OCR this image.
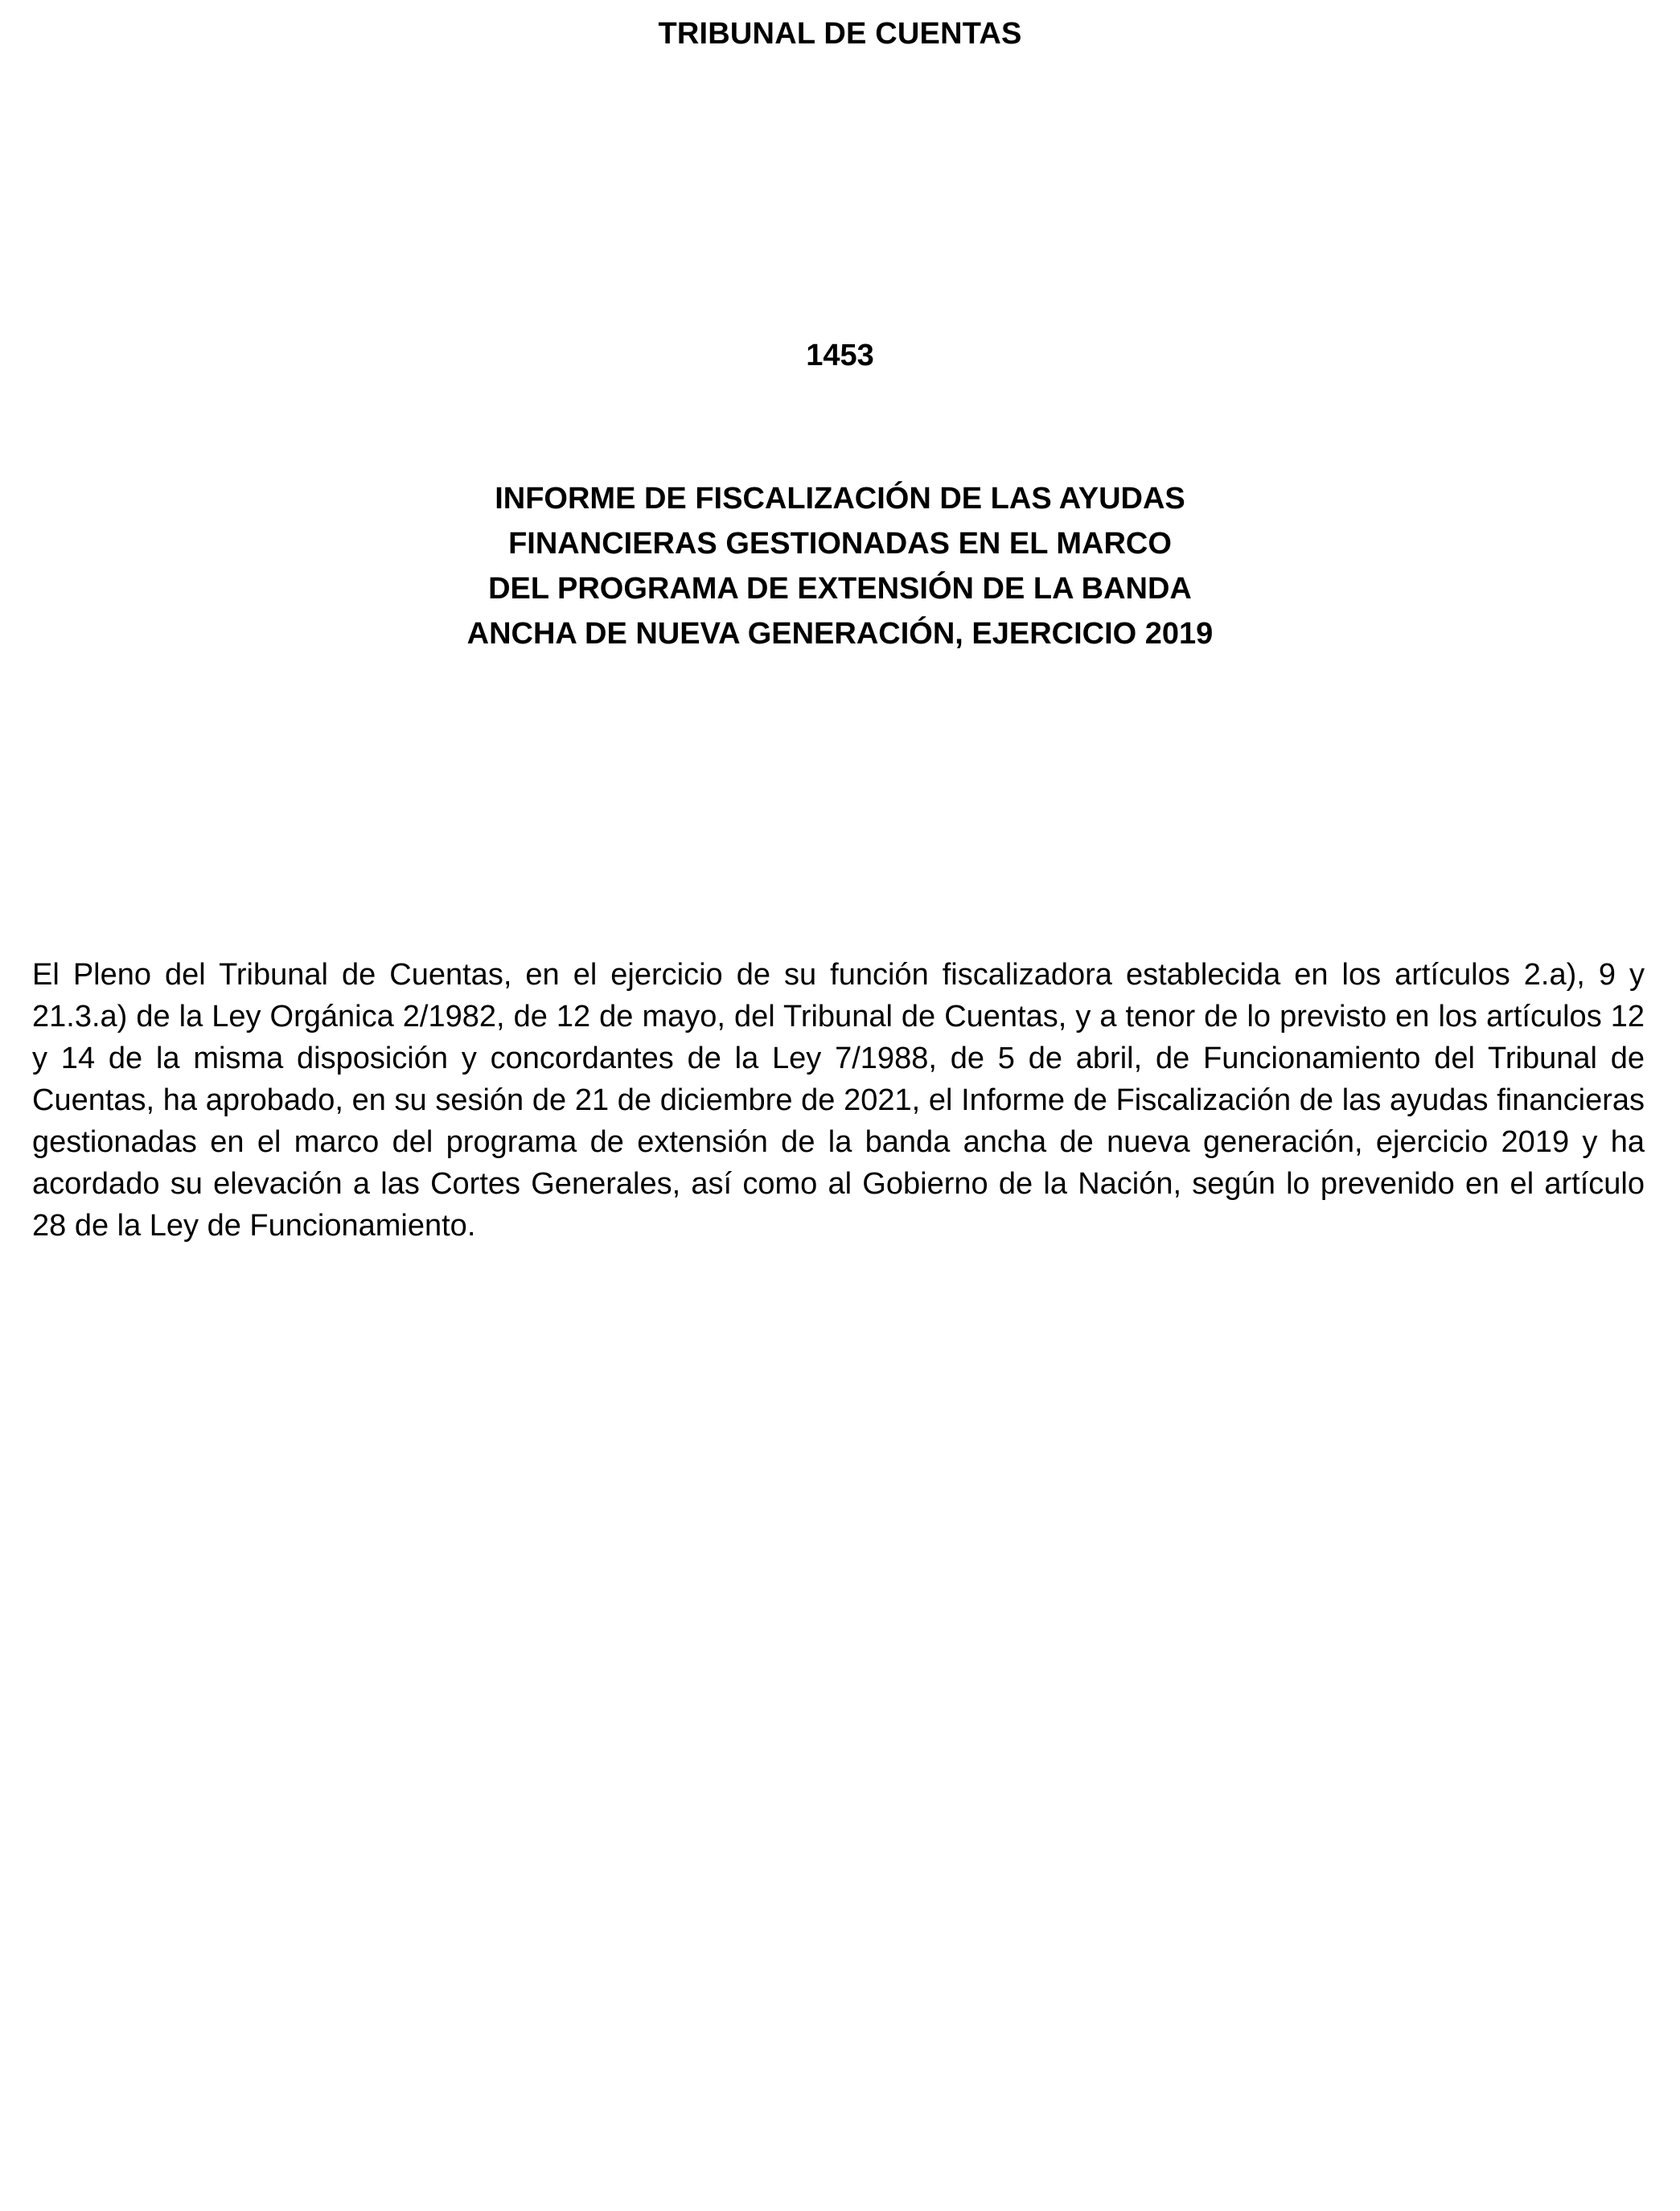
TRIBUNAL DE CUENTAS
1453
INFORME DE FISCALIZACIÓN DE LAS AYUDAS
FINANCIERAS GESTIONADAS EN EL MARCO
DEL PROGRAMA DE EXTENSIÓN DE LA BANDA
ANCHA DE NUEVA GENERACIÓN, EJERCICIO 2019

El Pleno del Tribunal de Cuentas, en el ejercicio de su función fiscalizadora establecida en los artículos 2.a), 9 y 21.3.a) de la Ley Orgánica 2/1982, de 12 de mayo, del Tribunal de Cuentas, y a tenor de lo previsto en los artículos 12 y 14 de la misma disposición y concordantes de la Ley 7/1988, de 5 de abril, de Funcionamiento del Tribunal de Cuentas, ha aprobado, en su sesión de 21 de diciembre de 2021, el Informe de Fiscalización de las ayudas financieras gestionadas en el marco del programa de extensión de la banda ancha de nueva generación, ejercicio 2019 y ha acordado su elevación a las Cortes Generales, así como al Gobierno de la Nación, según lo prevenido en el artículo 28 de la Ley de Funcionamiento.
